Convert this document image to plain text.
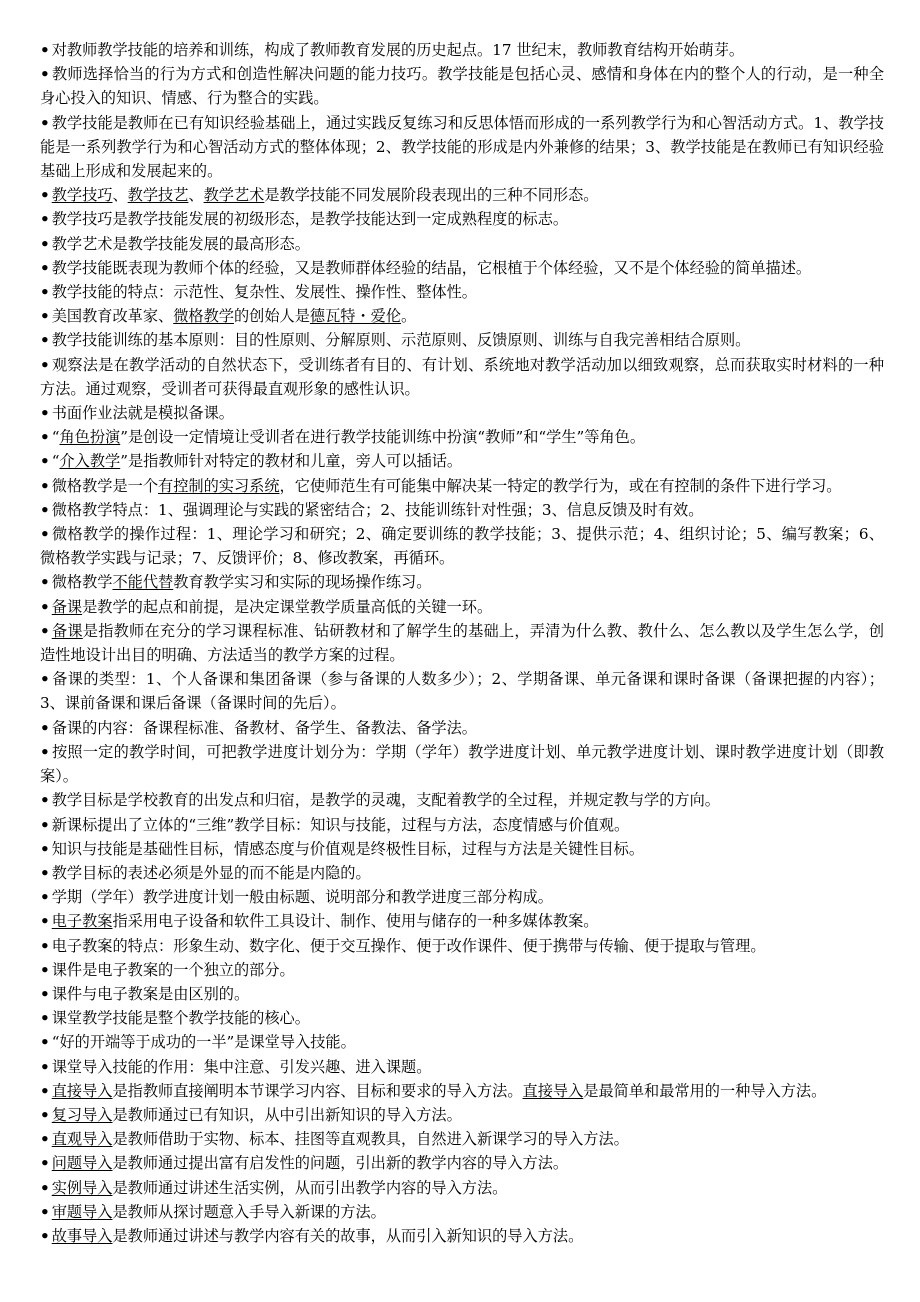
• 对教师教学技能的培养和训练，构成了教师教育发展的历史起点。17 世纪末，教师教育结构开始萌芽。

• 教师选择恰当的行为方式和创造性解决问题的能力技巧。教学技能是包括心灵、感情和身体在内的整个人的行动，是一种全身心投入的知识、情感、行为整合的实践。

• 教学技能是教师在已有知识经验基础上，通过实践反复练习和反思体悟而形成的一系列教学行为和心智活动方式。1、教学技能是一系列教学行为和心智活动方式的整体体现；2、教学技能的形成是内外兼修的结果；3、教学技能是在教师已有知识经验基础上形成和发展起来的。

• 教学技巧、教学技艺、教学艺术是教学技能不同发展阶段表现出的三种不同形态。

• 教学技巧是教学技能发展的初级形态，是教学技能达到一定成熟程度的标志。

• 教学艺术是教学技能发展的最高形态。

• 教学技能既表现为教师个体的经验，又是教师群体经验的结晶，它根植于个体经验，又不是个体经验的简单描述。

• 教学技能的特点：示范性、复杂性、发展性、操作性、整体性。

• 美国教育改革家、微格教学的创始人是德瓦特・爱伦。

• 教学技能训练的基本原则：目的性原则、分解原则、示范原则、反馈原则、训练与自我完善相结合原则。

• 观察法是在教学活动的自然状态下，受训练者有目的、有计划、系统地对教学活动加以细致观察，总而获取实时材料的一种方法。通过观察，受训者可获得最直观形象的感性认识。

• 书面作业法就是模拟备课。

• “角色扮演”是创设一定情境让受训者在进行教学技能训练中扮演“教师”和“学生”等角色。

• “介入教学”是指教师针对特定的教材和儿童，旁人可以插话。

• 微格教学是一个有控制的实习系统，它使师范生有可能集中解决某一特定的教学行为，或在有控制的条件下进行学习。

• 微格教学特点：1、强调理论与实践的紧密结合；2、技能训练针对性强；3、信息反馈及时有效。

• 微格教学的操作过程：1、理论学习和研究；2、确定要训练的教学技能；3、提供示范；4、组织讨论；5、编写教案；6、微格教学实践与记录；7、反馈评价；8、修改教案，再循环。

• 微格教学不能代替教育教学实习和实际的现场操作练习。

• 备课是教学的起点和前提，是决定课堂教学质量高低的关键一环。

• 备课是指教师在充分的学习课程标准、钻研教材和了解学生的基础上，弄清为什么教、教什么、怎么教以及学生怎么学，创造性地设计出目的明确、方法适当的教学方案的过程。

• 备课的类型：1、个人备课和集团备课（参与备课的人数多少）；2、学期备课、单元备课和课时备课（备课把握的内容）；3、课前备课和课后备课（备课时间的先后）。

• 备课的内容：备课程标准、备教材、备学生、备教法、备学法。

• 按照一定的教学时间，可把教学进度计划分为：学期（学年）教学进度计划、单元教学进度计划、课时教学进度计划（即教案）。

• 教学目标是学校教育的出发点和归宿，是教学的灵魂，支配着教学的全过程，并规定教与学的方向。

• 新课标提出了立体的“三维”教学目标：知识与技能，过程与方法，态度情感与价值观。

• 知识与技能是基础性目标，情感态度与价值观是终极性目标，过程与方法是关键性目标。

• 教学目标的表述必须是外显的而不能是内隐的。

• 学期（学年）教学进度计划一般由标题、说明部分和教学进度三部分构成。

• 电子教案指采用电子设备和软件工具设计、制作、使用与储存的一种多媒体教案。

• 电子教案的特点：形象生动、数字化、便于交互操作、便于改作课件、便于携带与传输、便于提取与管理。

• 课件是电子教案的一个独立的部分。

• 课件与电子教案是由区别的。

• 课堂教学技能是整个教学技能的核心。

• “好的开端等于成功的一半”是课堂导入技能。

• 课堂导入技能的作用：集中注意、引发兴趣、进入课题。

• 直接导入是指教师直接阐明本节课学习内容、目标和要求的导入方法。直接导入是最简单和最常用的一种导入方法。

• 复习导入是教师通过已有知识，从中引出新知识的导入方法。

• 直观导入是教师借助于实物、标本、挂图等直观教具，自然进入新课学习的导入方法。

• 问题导入是教师通过提出富有启发性的问题，引出新的教学内容的导入方法。

• 实例导入是教师通过讲述生活实例，从而引出教学内容的导入方法。

• 审题导入是教师从探讨题意入手导入新课的方法。

• 故事导入是教师通过讲述与教学内容有关的故事，从而引入新知识的导入方法。
